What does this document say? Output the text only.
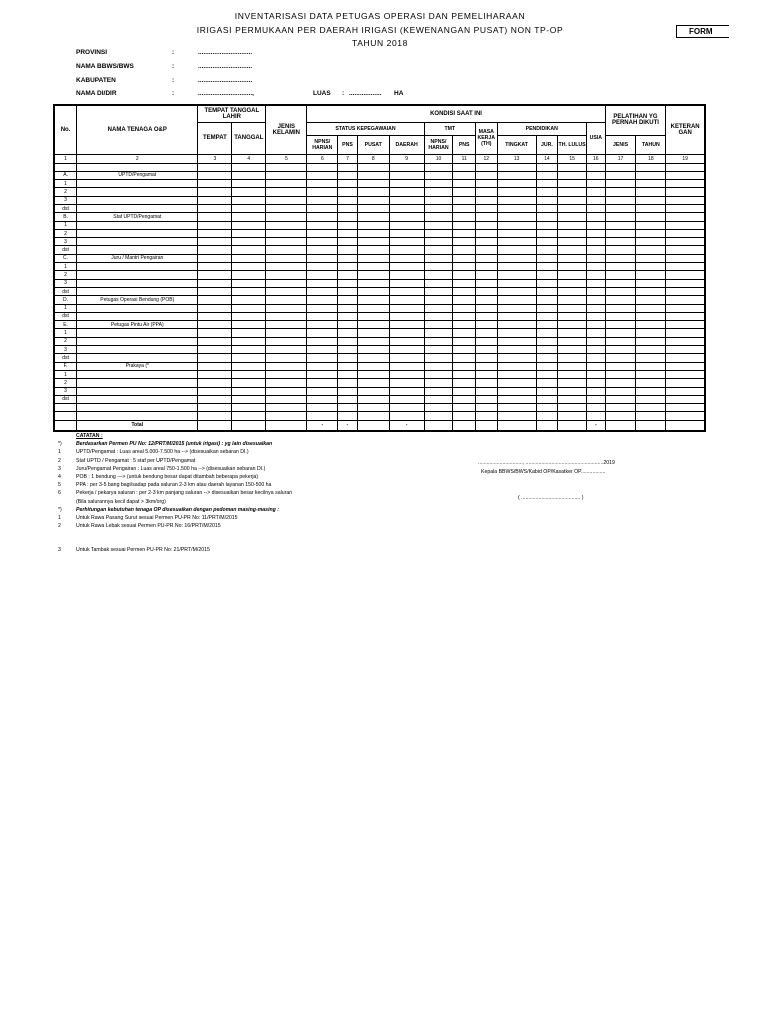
INVENTARISASI DATA PETUGAS OPERASI DAN PEMELIHARAAN
IRIGASI PERMUKAAN PER DAERAH IRIGASI (KEWENANGAN PUSAT) NON TP-OP
TAHUN 2018
FORM
PROVINSI	:	..............................
NAMA BBWS/BWS	:	..............................
KABUPATEN	:	..............................
NAMA DI/DIR	:	..............................,	LUAS : .................. HA
No.	NAMA TENAGA O&P	TEMPAT TANGGAL LAHIR		JENIS KELAMIN	KONDISI SAAT INI											PELATIHAN YG PERNAH DIKUTI		KETERAN GAN
		TEMPAT	TANGGAL		STATUS KEPEGAWAIAN				TMT		MASA KERJA (TH)	PENDIDIKAN			USIA			
					NPNS/ HARIAN	PNS	PUSAT	DAERAH	NPNS/ HARIAN	PNS		TINGKAT	JUR.	TH. LULUS		JENIS	TAHUN	
1	2	3	4	5	6	7	8	9	10	11	12	13	14	15	16	17	18	19

A.	UPTD/Pengamat																	
1																		
2																		
3																		
dst																		
B.	Staf UPTD/Pengamat																	
1																		
2																		
3																		
dst																		
C.	Juru / Mantri Pengairan																	
1																		
2																		
3																		
dst																		
D.	Petugas Operasi Bendung (POB)																	
1																		
dst																		
E.	Petugas Pintu Air (PPA)																	
1																		
2																		
3																		
dst																		
F.	Prakaya (*																	
1																		
2																		
3																		
dst																		

	Total				-	-		-							-			
CATATAN :
*)	Berdasarkan Permen PU No: 12/PRT/M/2015 (untuk irigasi) : yg lain disesuaikan
1	UPTD/Pengamat : Luas areal 5.000-7.500 ha --> (disesuaikan sebaran DI.)
2	Staf UPTD / Pengamat : 5 staf per UPTD/Pengamat
3	Juru/Pengamat Pengairan : Luas areal 750-1.500 ha --> (disesuaikan sebaran DI.)
4	POB : 1 bendung ---> (untuk bendung besar dapat ditambah beberapa pekerja)
5	PPA : per 3-5 bang bagi/sadap pada saluran 2-3 km atau daerah layanan 150-500 ha
6	Pekerja / pekarya saluran : per 2-3 km panjang saluran --> disesuaikan besar kecilnya saluran
(Bila salurannya kecil dapat > 3km/org)
*)	Perhitungan kebutuhan tenaga OP disesuaikan dengan pedoman masing-masing :
1	Untuk Rawa Pasang Surut sesuai Permen PU-PR No: 11/PRT/M/2015
2	Untuk Rawa Lebak sesuai Permen PU-PR No: 16/PRT/M/2015
3	Untuk Tambak sesuai Permen PU-PR No: 21/PRT/M/2015
..............................., ......................................................2019
Kepala BBWS/BWS/Kabid OP/Kasatker OP.................
( ......................................... )
